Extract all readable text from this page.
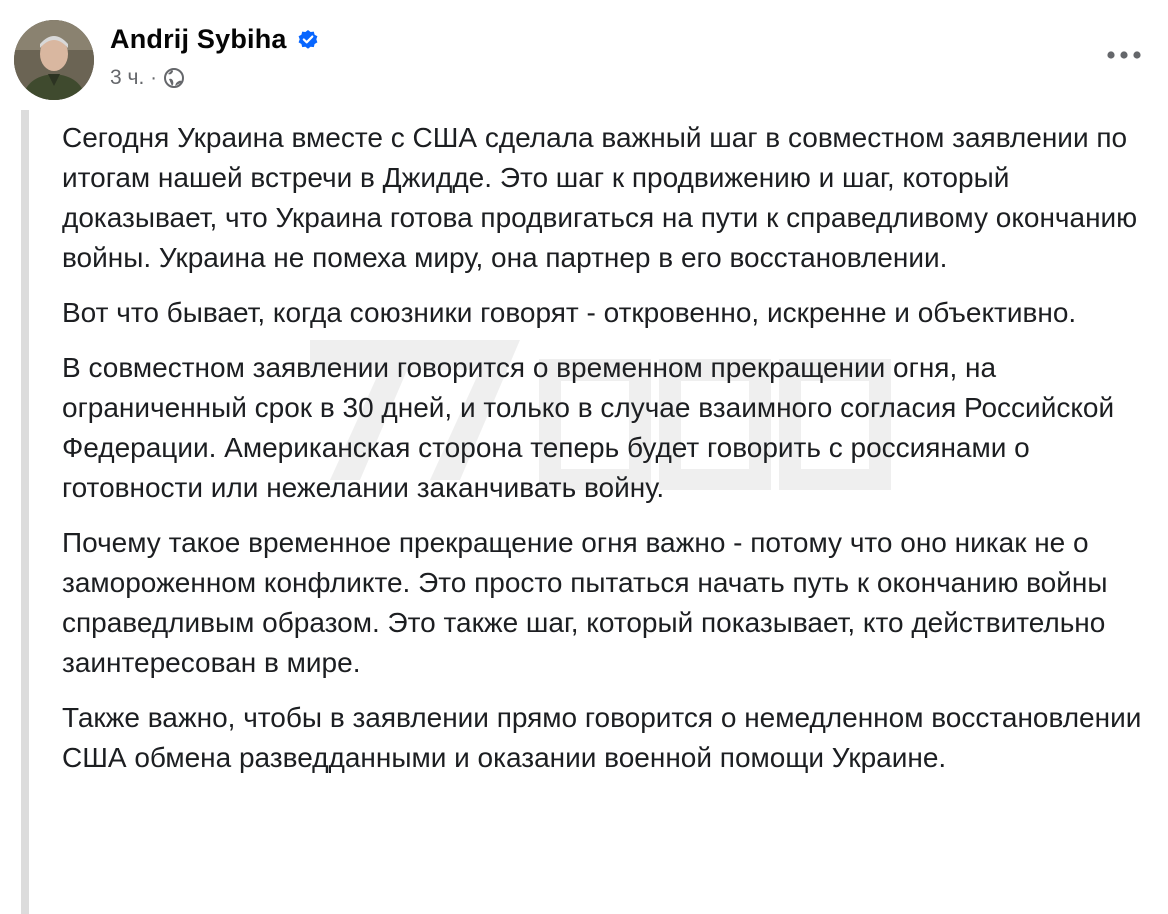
Andrij Sybiha
3 ч. ·

Сегодня Украина вместе с США сделала важный шаг в совместном заявлении по итогам нашей встречи в Джидде. Это шаг к продвижению и шаг, который доказывает, что Украина готова продвигаться на пути к справедливому окончанию войны. Украина не помеха миру, она партнер в его восстановлении.

Вот что бывает, когда союзники говорят - откровенно, искренне и объективно.

В совместном заявлении говорится о временном прекращении огня, на ограниченный срок в 30 дней, и только в случае взаимного согласия Российской Федерации. Американская сторона теперь будет говорить с россиянами о готовности или нежелании заканчивать войну.

Почему такое временное прекращение огня важно - потому что оно никак не о замороженном конфликте. Это просто пытаться начать путь к окончанию войны справедливым образом. Это также шаг, который показывает, кто действительно заинтересован в мире.

Также важно, чтобы в заявлении прямо говорится о немедленном восстановлении США обмена разведданными и оказании военной помощи Украине.
